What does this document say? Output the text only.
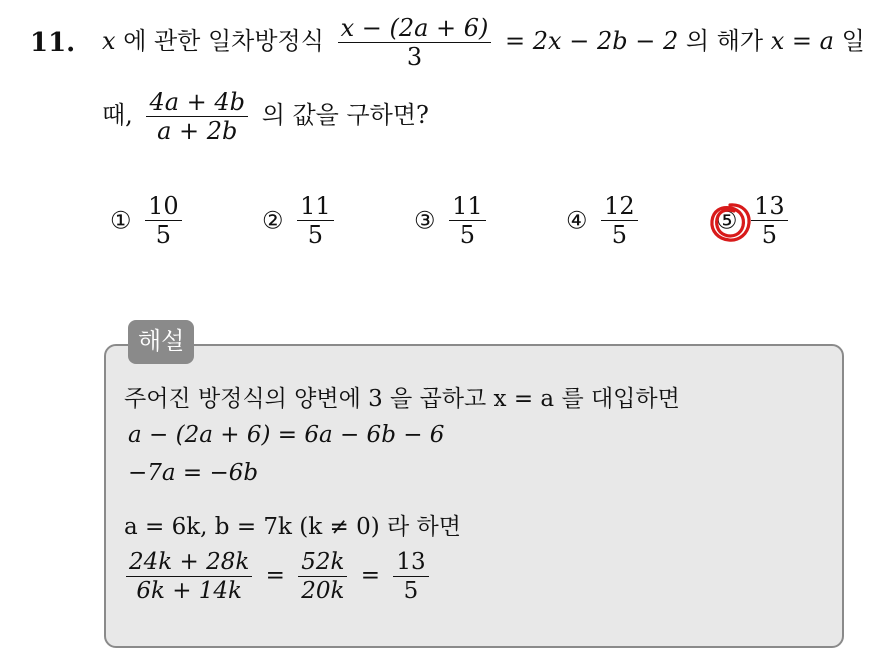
11. x 에 관한 일차방정식 $\frac{x - (2a + 6)}{3} = 2x - 2b - 2$ 의 해가 x = a 일
때, $\frac{4a + 4b}{a + 2b}$ 의 값을 구하면?
① $\frac{10}{5}$	② $\frac{11}{5}$	③ $\frac{11}{5}$	④ $\frac{12}{5}$	⑤ $\frac{13}{5}$
해설
주어진 방정식의 양변에 3 을 곱하고 x = a 를 대입하면
a − (2a + 6) = 6a − 6b − 6
−7a = −6b
a = 6k, b = 7k (k ≠ 0) 라 하면
$\frac{24k + 28k}{6k + 14k} = \frac{52k}{20k} = \frac{13}{5}$
